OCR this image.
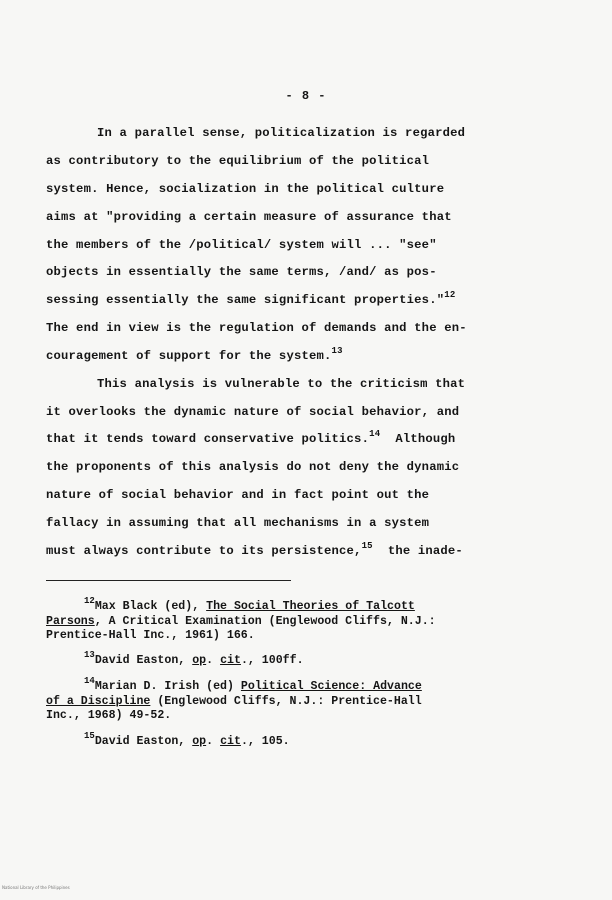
- 8 -
In a parallel sense, politicalization is regarded
as contributory to the equilibrium of the political
system. Hence, socialization in the political culture
aims at "providing a certain measure of assurance that
the members of the /political/ system will ... "see"
objects in essentially the same terms, /and/ as pos-
sessing essentially the same significant properties."$^{12}$
The end in view is the regulation of demands and the en-
couragement of support for the system.$^{13}$
This analysis is vulnerable to the criticism that
it overlooks the dynamic nature of social behavior, and
that it tends toward conservative politics.$^{14}$ Although
the proponents of this analysis do not deny the dynamic
nature of social behavior and in fact point out the
fallacy in assuming that all mechanisms in a system
must always contribute to its persistence,$^{15}$ the inade-
$^{12}$Max Black (ed), The Social Theories of Talcott
Parsons, A Critical Examination (Englewood Cliffs, N.J.:
Prentice-Hall Inc., 1961) 166.
$^{13}$David Easton, op. cit., 100ff.
$^{14}$Marian D. Irish (ed) Political Science: Advance
of a Discipline (Englewood Cliffs, N.J.: Prentice-Hall
Inc., 1968) 49-52.
$^{15}$David Easton, op. cit., 105.
National Library of the Philippines
